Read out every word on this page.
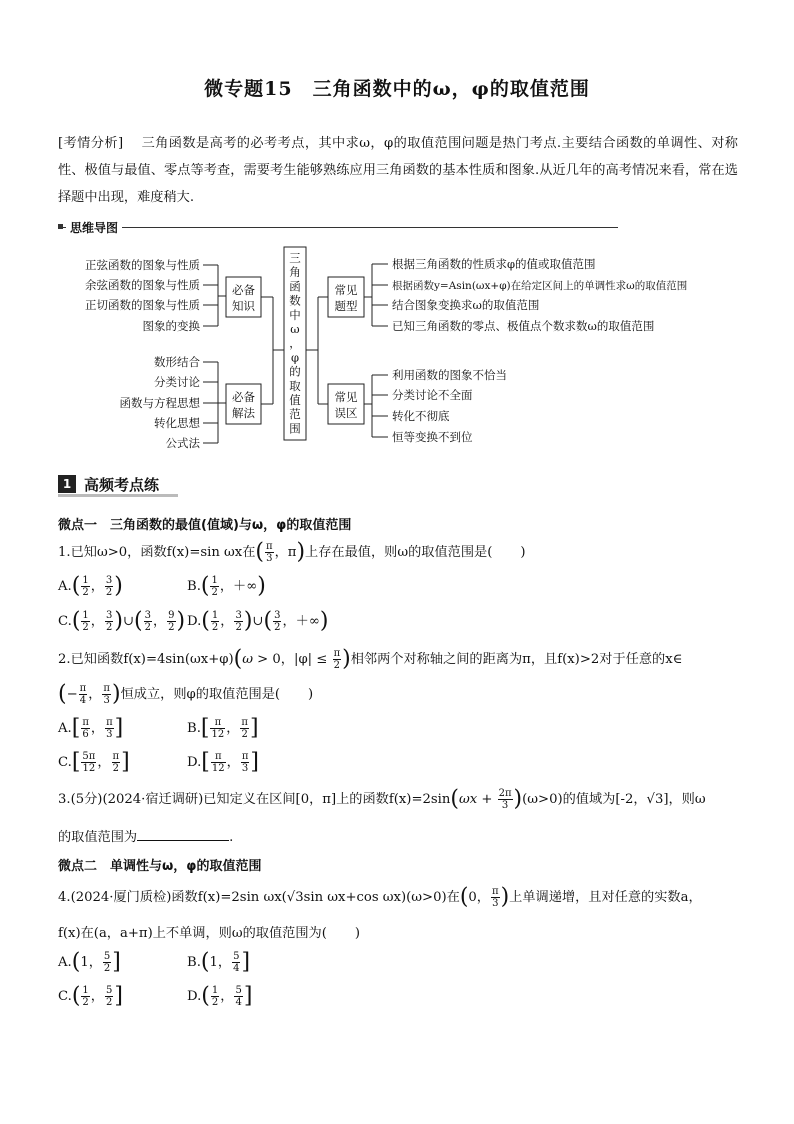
微专题15　三角函数中的ω，φ的取值范围
[考情分析] 三角函数是高考的必考考点，其中求ω，φ的取值范围问题是热门考点.主要结合函数的单调性、对称性、极值与最值、零点等考查，需要考生能够熟练应用三角函数的基本性质和图象.从近几年的高考情况来看，常在选择题中出现，难度稍大.
思维导图
正弦函数的图象与性质
余弦函数的图象与性质
正切函数的图象与性质
图象的变换
数形结合
分类讨论
函数与方程思想
转化思想
公式法
必备
知识
必备
解法
常见
题型
常见
误区
三
角
函
数
中
ω
，
φ
的
取
值
范
围
根据三角函数的性质求φ的值或取值范围
根据函数y=Asin(ωx+φ)在给定区间上的单调性求ω的取值范围
结合图象变换求ω的取值范围
已知三角函数的零点、极值点个数求数ω的取值范围
利用函数的图象不恰当
分类讨论不全面
转化不彻底
恒等变换不到位
1 高频考点练
微点一　三角函数的最值(值域)与ω，φ的取值范围
1.已知ω>0，函数f(x)=sin ωx在( $\frac{\pi}{3}$ ，π)上存在最值，则ω的取值范围是( )
$A.( \frac{1}{2}$ ， $\frac{3}{2}$ )	$B.( \frac{1}{2}$ ，＋∞)
$C.( \frac{1}{2}$ ， $\frac{3}{2}$ )∪( $\frac{3}{2}$ ， $\frac{9}{2}$ ) $D.( \frac{1}{2}$ ， $\frac{3}{2}$ )∪( $\frac{3}{2}$ ，＋∞)
2.已知函数f(x)=4sin(ωx+φ)(ω > 0，$|\varphi| \le \frac{\pi}{2}$ )相邻两个对称轴之间的距离为π，且f(x)>2对于任意的x∈
(− $\frac{\pi}{4}$ ， $\frac{\pi}{3}$ )恒成立，则φ的取值范围是( )
$A.[ \frac{\pi}{6}$ ， $\frac{\pi}{3}$ ]	$B.[ \frac{\pi}{12}$ ， $\frac{\pi}{2}$ ]
$C.[ \frac{5\pi}{12}$ ， $\frac{\pi}{2}$ ]	$D.[ \frac{\pi}{12}$ ， $\frac{\pi}{3}$ ]
3.(5分)(2024·宿迁调研)已知定义在区间[0，π]上的函数$f(x)=2\sin(\omega x + \frac{2\pi}{3} )(\omega>0)$的值域为[-2，√3]，则ω
的取值范围为	.
微点二　单调性与ω，φ的取值范围
4.(2024·厦门质检)函数f(x)=2sin ωx(√3sin ωx+cos ωx)(ω>0)在(0， $\frac{\pi}{3}$ )上单调递增，且对任意的实数a，
f(x)在(a，a+π)上不单调，则ω的取值范围为( )
A.(1， $\frac{5}{2}$ ]	B.(1， $\frac{5}{4}$ ]
$C.( \frac{1}{2}$ ， $\frac{5}{2}$ ]	$D.( \frac{1}{2}$ ， $\frac{5}{4}$ ]
